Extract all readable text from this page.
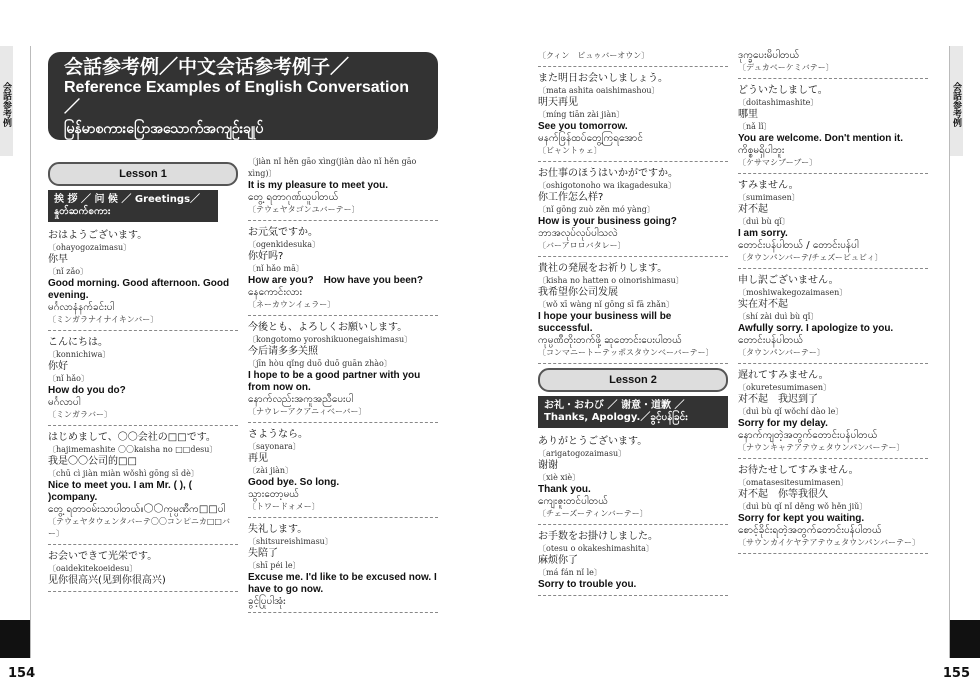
会話参考例	会話参考例
154	155
会話参考例／中文会话参考例子／
Reference Examples of English Conversation／
မြန်မာစကားပြောအသောက်အကျဉ်းချုပ်
Lesson 1
挨 拶 ／ 问 候 ／ Greetings／ နှုတ်ဆက်စကား
おはようございます。
〔ohayogozaimasu〕
你早
〔nǐ zǎo〕
Good morning. Good afternoon. Good evening.
မင်္ဂလာနံနက်ခင်းပါ
〔ミンガラナイナイキンバー〕
こんにちは。
〔konnichiwa〕
你好
〔nǐ hǎo〕
How do you do?
မင်္ဂလာပါ
〔ミンガラバー〕
はじめまして、〇〇会社の□□です。
〔hajimemashite 〇〇kaisha no □□desu〕
我是〇〇公司的□□
〔chū cì jiàn miàn wǒshì gōng sī dè〕
Nice to meet you. I am Mr. ( ), ( )company.
တွေ့ ရတာဝမ်းသာပါတယ်။〇〇ကုမ္ပဏီက□□ပါ
〔テウェヤタウェンタバーテ〇〇コンピニカ□□バー〕
お会いできて光栄です。
〔oaidekitekoeidesu〕
见你很高兴(见到你很高兴)
〔jiàn nǐ hěn gāo xìng(jiàn dào nǐ hěn gāo xìng)〕
It is my pleasure to meet you.
တွေ့ ရတာဂုဏ်ယူပါတယ်
〔テウェヤタゴンユバーテー〕
お元気ですか。
〔ogenkidesuka〕
你好吗?
〔nǐ hǎo mā〕
How are you?　How have you been?
နေကောင်းလား
〔ネーカウンイェラー〕
今後とも、よろしくお願いします。
〔kongotomo yoroshikuonegaishimasu〕
今后请多多关照
〔jīn hòu qǐng duō duō guān zhào〕
I hope to be a good partner with you from now on.
နောက်လည်းအကူအညီပေးပါ
〔ナウレーアクアニィベーバー〕
さようなら。
〔sayonara〕
再见
〔zài jiàn〕
Good bye. So long.
သွားတော့မယ်
〔トワードォメー〕
失礼します。
〔shitsureishimasu〕
失陪了
〔shī péi le〕
Excuse me. I'd like to be excused now. I have to go now.
ခွင့်ပြုပါအုံး
〔クィン　ビュゥバーオウン〕
また明日お会いしましょう。
〔mata ashita oaishimashou〕
明天再见
〔míng tiān zài jiàn〕
See you tomorrow.
မနက်ဖြန်ထပ်တွေ့ကြရအောင်
〔ビャントゥェ〕
お仕事のほうはいかがですか。
〔oshigotonoho wa ikagadesuka〕
你工作怎么样?
〔nǐ gōng zuò zěn mó yàng〕
How is your business going?
ဘာအလုပ်လုပ်ပါသလဲ
〔バーアロロバタレー〕
貴社の発展をお祈りします。
〔kisha no hatten o oinorishimasu〕
我希望你公司发展
〔wǒ xī wàng nǐ gōng sī fā zhǎn〕
I hope your business will be successful.
ကုမ္ပဏီတိုးတက်ဖို့ ဆုတောင်းပေးပါတယ်
〔コンマニートーテッポスタウンベーバーテー〕
Lesson 2
お礼・おわび ／ 谢意・道歉 ／ Thanks, Apology.／ခွင့်ပန်ခြင်း
ありがとうございます。
〔arigatogozaimasu〕
谢谢
〔xiè xiè〕
Thank you.
ကျေးဇူးတင်ပါတယ်
〔チェーズーティンバーテー〕
お手数をお掛けしました。
〔otesu o okakeshimashita〕
麻烦你了
〔má fán nǐ le〕
Sorry to trouble you.
ဒုက္ခပေးမိပါတယ်
〔デュカベーケミバテー〕
どういたしまして。
〔doitashimashite〕
哪里
〔nǎ lǐ〕
You are welcome. Don't mention it.
ကိစ္စမရှိပါဘူး
〔ケサマシブーブー〕
すみません。
〔sumimasen〕
对不起
〔duì bù qǐ〕
I am sorry.
တောင်းပန်ပါတယ် / တောင်းပန်ပါ
〔タウンパンバーテ/チェズービュビィ〕
申し訳ございません。
〔moshiwakegozaimasen〕
实在对不起
〔shí zài duì bù qǐ〕
Awfully sorry. I apologize to you.
တောင်းပန်ပါတယ်
〔タウンパンバーテー〕
遅れてすみません。
〔okuretesumimasen〕
对不起　我迟到了
〔duì bù qǐ wǒchí dào le〕
Sorry for my delay.
နောက်ကျတဲ့အတွက်တောင်းပန်ပါတယ်
〔ナウンキャテアテウェタウンパンバーテー〕
お待たせしてすみません。
〔omatasesitesumimasen〕
对不起　你等我很久
〔duì bù qǐ nǐ děng wǒ hěn jiǔ〕
Sorry for kept you waiting.
စောင့်ခိုင်းရတဲ့အတွက်တောင်းပန်ပါတယ်
〔サウンカイケヤテアテウェタウンパンバーテー〕
